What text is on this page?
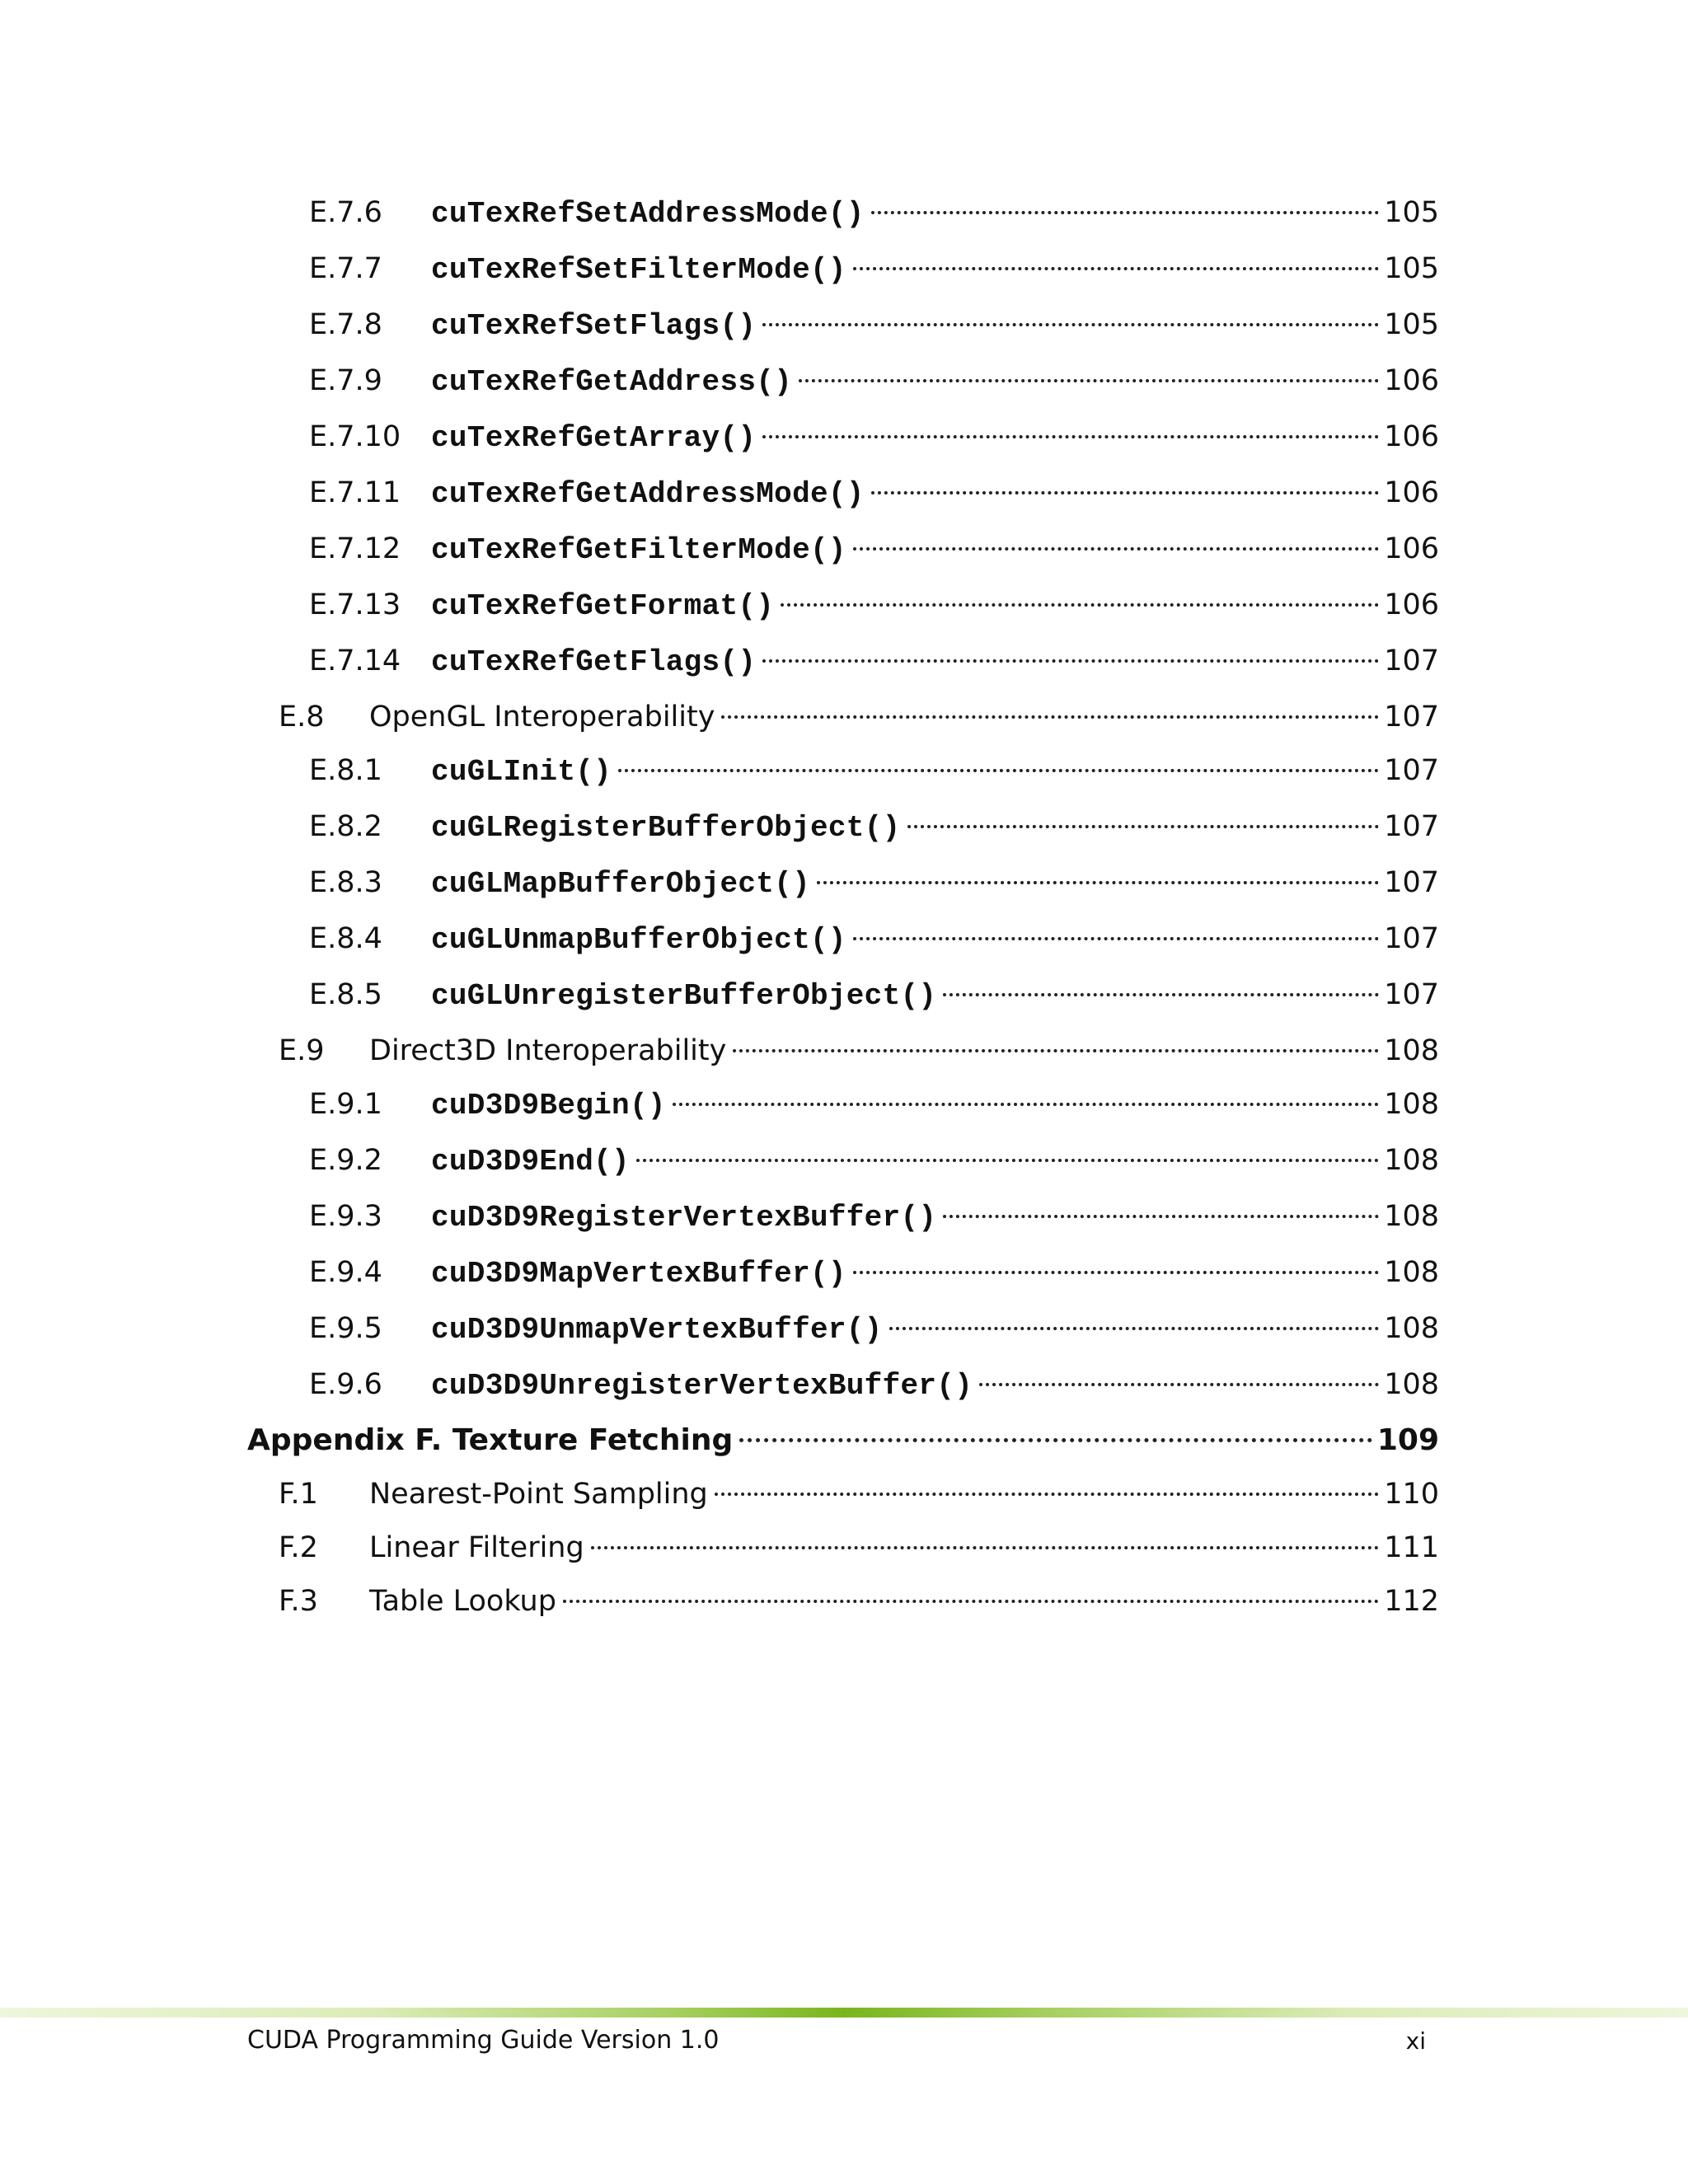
E.7.6	cuTexRefSetAddressMode()	105
E.7.7	cuTexRefSetFilterMode()	105
E.7.8	cuTexRefSetFlags()	105
E.7.9	cuTexRefGetAddress()	106
E.7.10	cuTexRefGetArray()	106
E.7.11	cuTexRefGetAddressMode()	106
E.7.12	cuTexRefGetFilterMode()	106
E.7.13	cuTexRefGetFormat()	106
E.7.14	cuTexRefGetFlags()	107
E.8	OpenGL Interoperability	107
E.8.1	cuGLInit()	107
E.8.2	cuGLRegisterBufferObject()	107
E.8.3	cuGLMapBufferObject()	107
E.8.4	cuGLUnmapBufferObject()	107
E.8.5	cuGLUnregisterBufferObject()	107
E.9	Direct3D Interoperability	108
E.9.1	cuD3D9Begin()	108
E.9.2	cuD3D9End()	108
E.9.3	cuD3D9RegisterVertexBuffer()	108
E.9.4	cuD3D9MapVertexBuffer()	108
E.9.5	cuD3D9UnmapVertexBuffer()	108
E.9.6	cuD3D9UnregisterVertexBuffer()	108
Appendix F. Texture Fetching	109
F.1	Nearest-Point Sampling	110
F.2	Linear Filtering	111
F.3	Table Lookup	112
CUDA Programming Guide Version 1.0	xi
